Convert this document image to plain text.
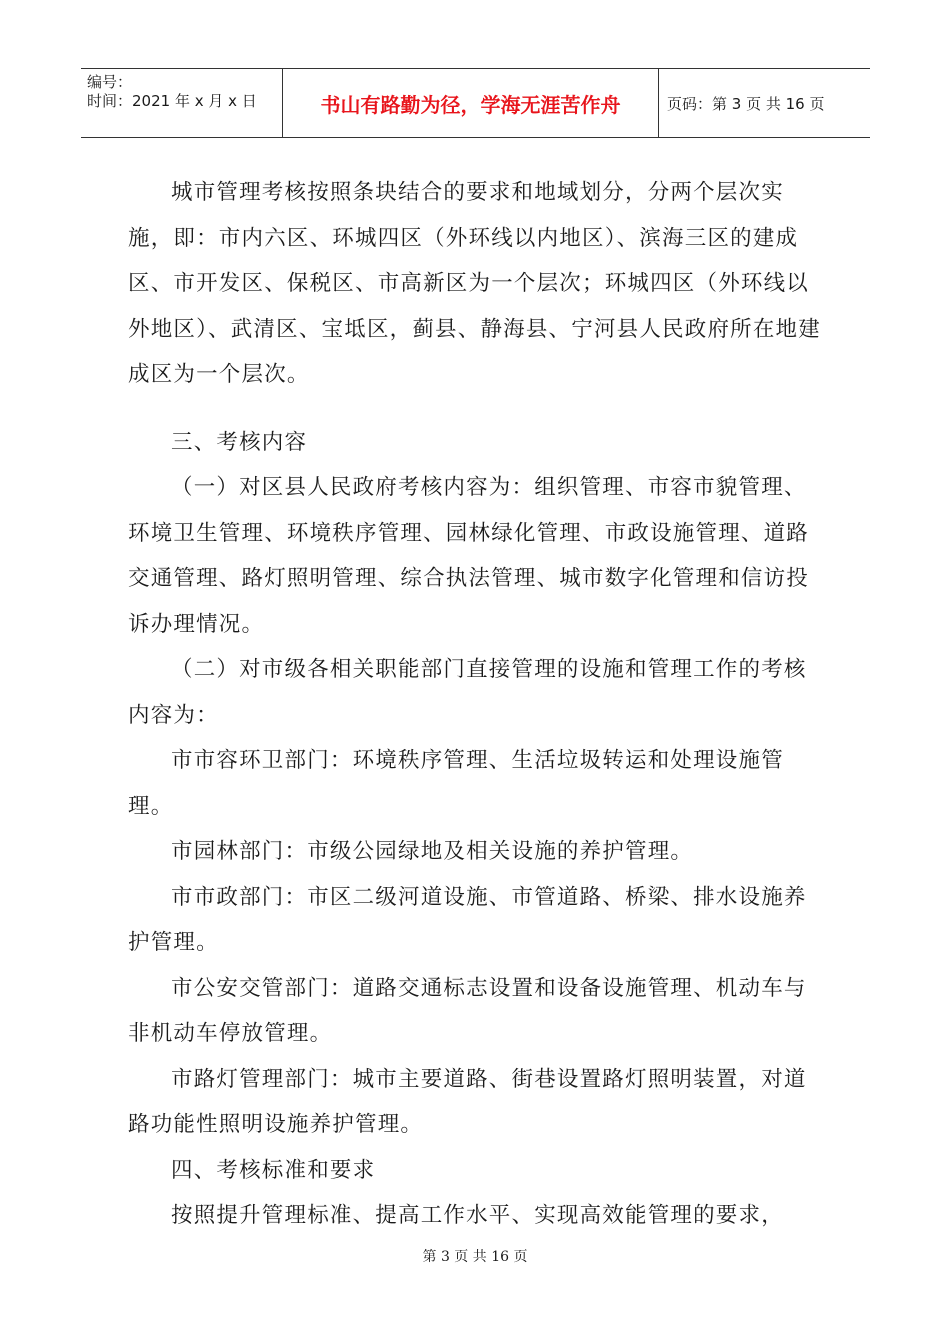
编号：
时间：2021 年 x 月 x 日	书山有路勤为径，学海无涯苦作舟	页码：第 3 页 共 16 页

城市管理考核按照条块结合的要求和地域划分，分两个层次实施，即：市内六区、环城四区（外环线以内地区）、滨海三区的建成区、市开发区、保税区、市高新区为一个层次；环城四区（外环线以外地区）、武清区、宝坻区，蓟县、静海县、宁河县人民政府所在地建成区为一个层次。

三、考核内容

（一）对区县人民政府考核内容为：组织管理、市容市貌管理、环境卫生管理、环境秩序管理、园林绿化管理、市政设施管理、道路交通管理、路灯照明管理、综合执法管理、城市数字化管理和信访投诉办理情况。

（二）对市级各相关职能部门直接管理的设施和管理工作的考核内容为：

市市容环卫部门：环境秩序管理、生活垃圾转运和处理设施管理。

市园林部门：市级公园绿地及相关设施的养护管理。

市市政部门：市区二级河道设施、市管道路、桥梁、排水设施养护管理。

市公安交管部门：道路交通标志设置和设备设施管理、机动车与非机动车停放管理。

市路灯管理部门：城市主要道路、街巷设置路灯照明装置，对道路功能性照明设施养护管理。

四、考核标准和要求

按照提升管理标准、提高工作水平、实现高效能管理的要求，

第 3 页 共 16 页
